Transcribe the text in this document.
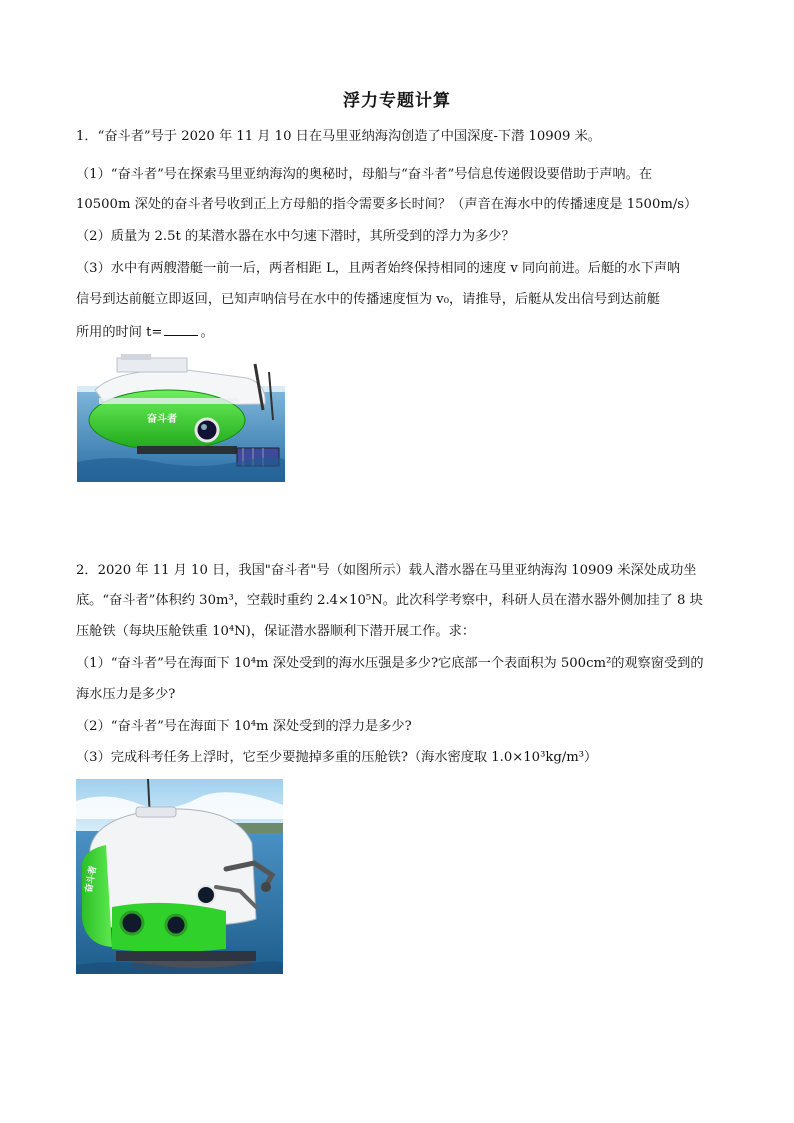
浮力专题计算
1．“奋斗者”号于 2020 年 11 月 10 日在马里亚纳海沟创造了中国深度-下潜 10909 米。
（1）“奋斗者”号在探索马里亚纳海沟的奥秘时，母船与“奋斗者”号信息传递假设要借助于声呐。在
10500m 深处的奋斗者号收到正上方母船的指令需要多长时间？（声音在海水中的传播速度是 1500m/s）
（2）质量为 2.5t 的某潜水器在水中匀速下潜时，其所受到的浮力为多少？
（3）水中有两艘潜艇一前一后，两者相距 L，且两者始终保持相同的速度 v 同向前进。后艇的水下声呐
信号到达前艇立即返回，已知声呐信号在水中的传播速度恒为 v₀，请推导，后艇从发出信号到达前艇
所用的时间 t=	。
奋斗者
2．2020 年 11 月 10 日，我国"奋斗者"号（如图所示）载人潜水器在马里亚纳海沟 10909 米深处成功坐
底。“奋斗者”体积约 30m³，空载时重约 2.4×10⁵N。此次科学考察中，科研人员在潜水器外侧加挂了 8 块
压舱铁（每块压舱铁重 10⁴N)，保证潜水器顺利下潜开展工作。求：
（1）“奋斗者”号在海面下 10⁴m 深处受到的海水压强是多少?它底部一个表面积为 500cm²的观察窗受到的
海水压力是多少?
（2）“奋斗者”号在海面下 10⁴m 深处受到的浮力是多少?
（3）完成科考任务上浮时，它至少要抛掉多重的压舱铁?（海水密度取 1.0×10³kg/m³）
奋斗者
